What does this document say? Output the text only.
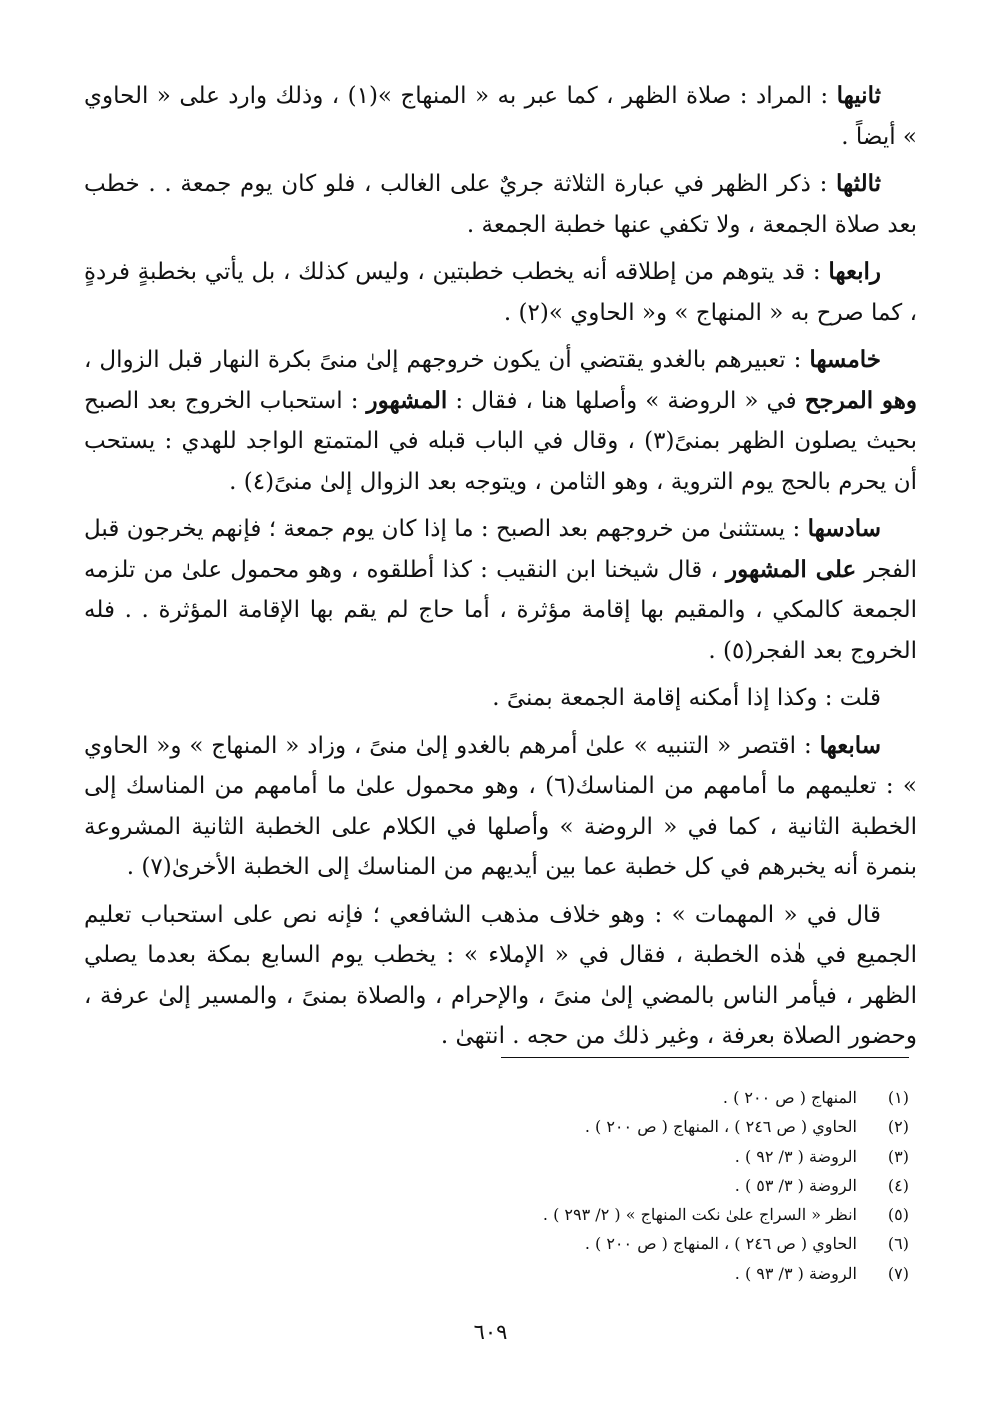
ثانيها : المراد : صلاة الظهر ، كما عبر به « المنهاج »(١) ، وذلك وارد على « الحاوي » أيضاً .

ثالثها : ذكر الظهر في عبارة الثلاثة جريٌ على الغالب ، فلو كان يوم جمعة . . خطب بعد صلاة الجمعة ، ولا تكفي عنها خطبة الجمعة .

رابعها : قد يتوهم من إطلاقه أنه يخطب خطبتين ، وليس كذلك ، بل يأتي بخطبةٍ فردةٍ ، كما صرح به « المنهاج » و« الحاوي »(٢) .

خامسها : تعبيرهم بالغدو يقتضي أن يكون خروجهم إلىٰ منىً بكرة النهار قبل الزوال ، وهو المرجح في « الروضة » وأصلها هنا ، فقال : المشهور : استحباب الخروج بعد الصبح بحيث يصلون الظهر بمنىً(٣) ، وقال في الباب قبله في المتمتع الواجد للهدي : يستحب أن يحرم بالحج يوم التروية ، وهو الثامن ، ويتوجه بعد الزوال إلىٰ منىً(٤) .

سادسها : يستثنىٰ من خروجهم بعد الصبح : ما إذا كان يوم جمعة ؛ فإنهم يخرجون قبل الفجر على المشهور ، قال شيخنا ابن النقيب : كذا أطلقوه ، وهو محمول علىٰ من تلزمه الجمعة كالمكي ، والمقيم بها إقامة مؤثرة ، أما حاج لم يقم بها الإقامة المؤثرة . . فله الخروج بعد الفجر(٥) .

قلت : وكذا إذا أمكنه إقامة الجمعة بمنىً .

سابعها : اقتصر « التنبيه » علىٰ أمرهم بالغدو إلىٰ منىً ، وزاد « المنهاج » و« الحاوي » : تعليمهم ما أمامهم من المناسك(٦) ، وهو محمول علىٰ ما أمامهم من المناسك إلى الخطبة الثانية ، كما في « الروضة » وأصلها في الكلام على الخطبة الثانية المشروعة بنمرة أنه يخبرهم في كل خطبة عما بين أيديهم من المناسك إلى الخطبة الأخرىٰ(٧) .

قال في « المهمات » : وهو خلاف مذهب الشافعي ؛ فإنه نص على استحباب تعليم الجميع في هٰذه الخطبة ، فقال في « الإملاء » : يخطب يوم السابع بمكة بعدما يصلي الظهر ، فيأمر الناس بالمضي إلىٰ منىً ، والإحرام ، والصلاة بمنىً ، والمسير إلىٰ عرفة ، وحضور الصلاة بعرفة ، وغير ذلك من حجه . انتهىٰ .

(١)
المنهاج ( ص ٢٠٠ ) .
(٢)
الحاوي ( ص ٢٤٦ ) ، المنهاج ( ص ٢٠٠ ) .
(٣)
الروضة ( ٣/ ٩٢ ) .
(٤)
الروضة ( ٣/ ٥٣ ) .
(٥)
انظر « السراج علىٰ نكت المنهاج » ( ٢/ ٢٩٣ ) .
(٦)
الحاوي ( ص ٢٤٦ ) ، المنهاج ( ص ٢٠٠ ) .
(٧)
الروضة ( ٣/ ٩٣ ) .
٦٠٩
